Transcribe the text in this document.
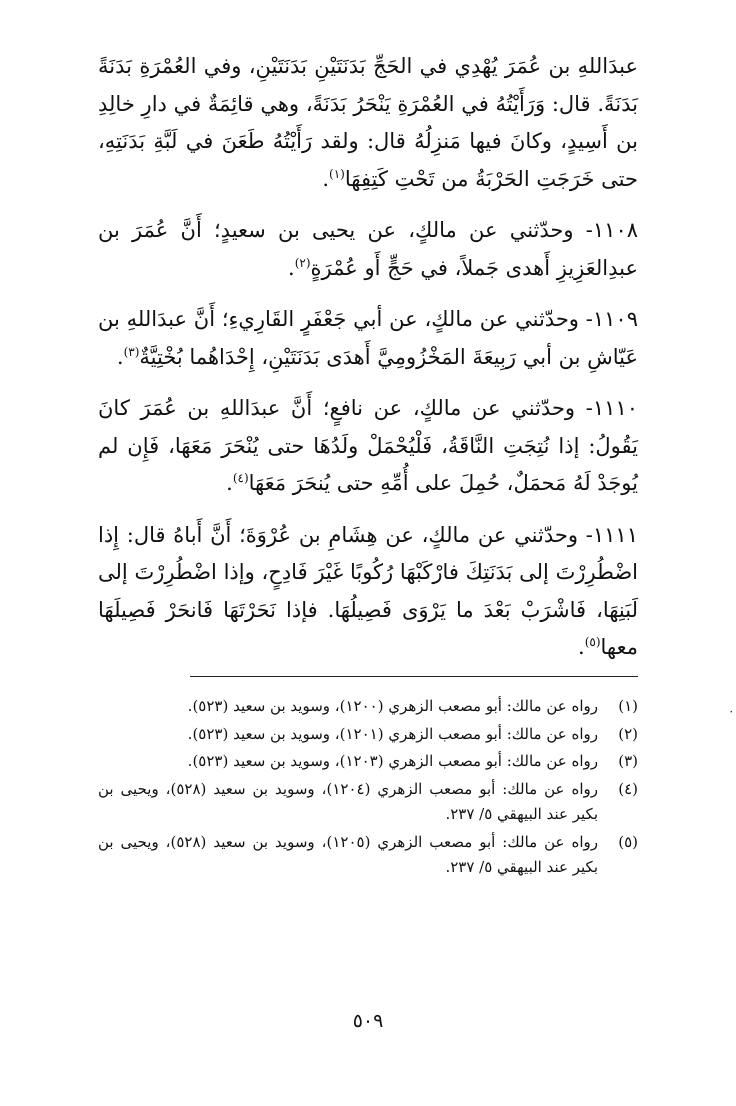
عبدَاللهِ بن عُمَرَ يُهْدِي في الحَجِّ بَدَنَتَيْنِ بَدَنَتَيْنِ، وفي العُمْرَةِ بَدَنَةً بَدَنَةً. قال: وَرَأَيْتُهُ في العُمْرَةِ يَنْحَرُ بَدَنَةً، وهي قائِمَةٌ في دارِ خالِدِ بن أَسِيدٍ، وكانَ فيها مَنزِلُهُ قال: ولقد رَأَيْتُهُ طَعَنَ في لَبَّةِ بَدَنَتِهِ، حتى خَرَجَتِ الحَرْبَةُ من تَحْتِ كَتِفِهَا$^{(١)}$.

١١٠٨- وحدّثني عن مالكٍ، عن يحيى بن سعيدٍ؛ أَنَّ عُمَرَ بن عبدِالعَزِيزِ أَهدى جَملاً، في حَجٍّ أَو عُمْرَةٍ$^{(٢)}$.

١١٠٩- وحدّثني عن مالكٍ، عن أبي جَعْفَرٍ القَارِيءِ؛ أَنَّ عبدَاللهِ بن عَيّاشِ بن أبي رَبِيعَةَ المَخْزُومِيَّ أَهدَى بَدَنَتَيْنِ، إِحْدَاهُما بُخْتِيَّةٌ$^{(٣)}$.

١١١٠- وحدّثني عن مالكٍ، عن نافعٍ؛ أَنَّ عبدَاللهِ بن عُمَرَ كانَ يَقُولُ: إذا نُتِجَتِ النَّاقَةُ، فَلْيُحْمَلْ ولَدُهَا حتى يُنْحَرَ مَعَهَا، فَإِن لم يُوجَدْ لَهُ مَحمَلٌ، حُمِلَ على أُمِّهِ حتى يُنحَرَ مَعَهَا$^{(٤)}$.

١١١١- وحدّثني عن مالكٍ، عن هِشَامِ بن عُرْوَةَ؛ أَنَّ أَباهُ قال: إِذا اضْطُرِرْتَ إلى بَدَنَتِكَ فارْكَبْهَا رُكُوبًا غَيْرَ فَادِحٍ، وإذا اضْطُرِرْتَ إلى لَبَنِهَا، فَاشْرَبْ بَعْدَ ما يَرْوَى فَصِيلُهَا. فإذا نَحَرْتَهَا فَانحَرْ فَصِيلَهَا معها$^{(٥)}$.

(١)
رواه عن مالك: أبو مصعب الزهري (١٢٠٠)، وسويد بن سعيد (٥٢٣).
(٢)
رواه عن مالك: أبو مصعب الزهري (١٢٠١)، وسويد بن سعيد (٥٢٣).
(٣)
رواه عن مالك: أبو مصعب الزهري (١٢٠٣)، وسويد بن سعيد (٥٢٣).
(٤)
رواه عن مالك: أبو مصعب الزهري (١٢٠٤)، وسويد بن سعيد (٥٢٨)، ويحيى بن بكير عند البيهقي ٥/ ٢٣٧.
(٥)
رواه عن مالك: أبو مصعب الزهري (١٢٠٥)، وسويد بن سعيد (٥٢٨)، ويحيى بن بكير عند البيهقي ٥/ ٢٣٧.
٥٠٩
٠
